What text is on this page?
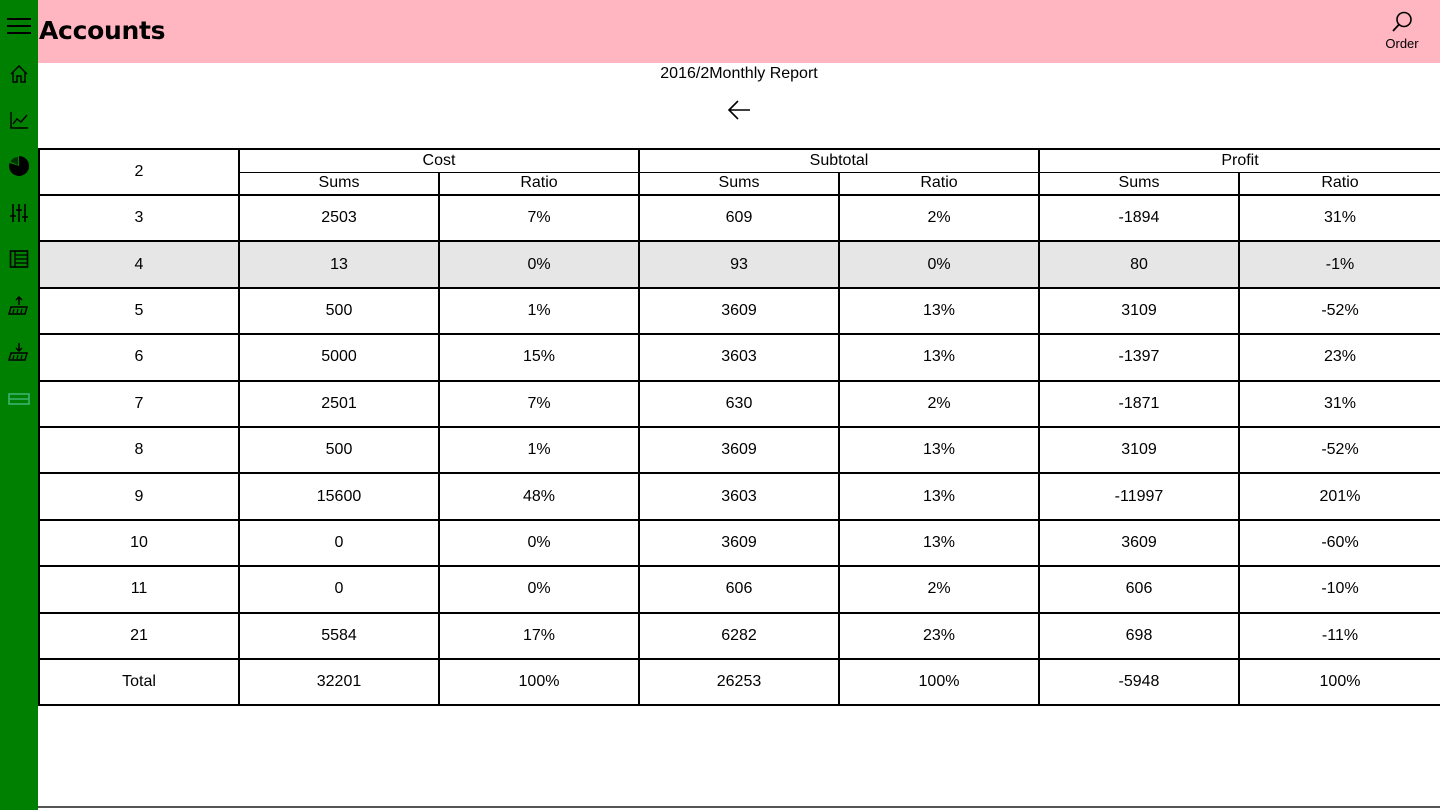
Accounts	Order
2016/2Monthly Report
2	Cost		Subtotal		Profit	
	Sums	Ratio	Sums	Ratio	Sums	Ratio
3	2503	7%	609	2%	-1894	31%
4	13	0%	93	0%	80	-1%
5	500	1%	3609	13%	3109	-52%
6	5000	15%	3603	13%	-1397	23%
7	2501	7%	630	2%	-1871	31%
8	500	1%	3609	13%	3109	-52%
9	15600	48%	3603	13%	-11997	201%
10	0	0%	3609	13%	3609	-60%
11	0	0%	606	2%	606	-10%
21	5584	17%	6282	23%	698	-11%
Total	32201	100%	26253	100%	-5948	100%
